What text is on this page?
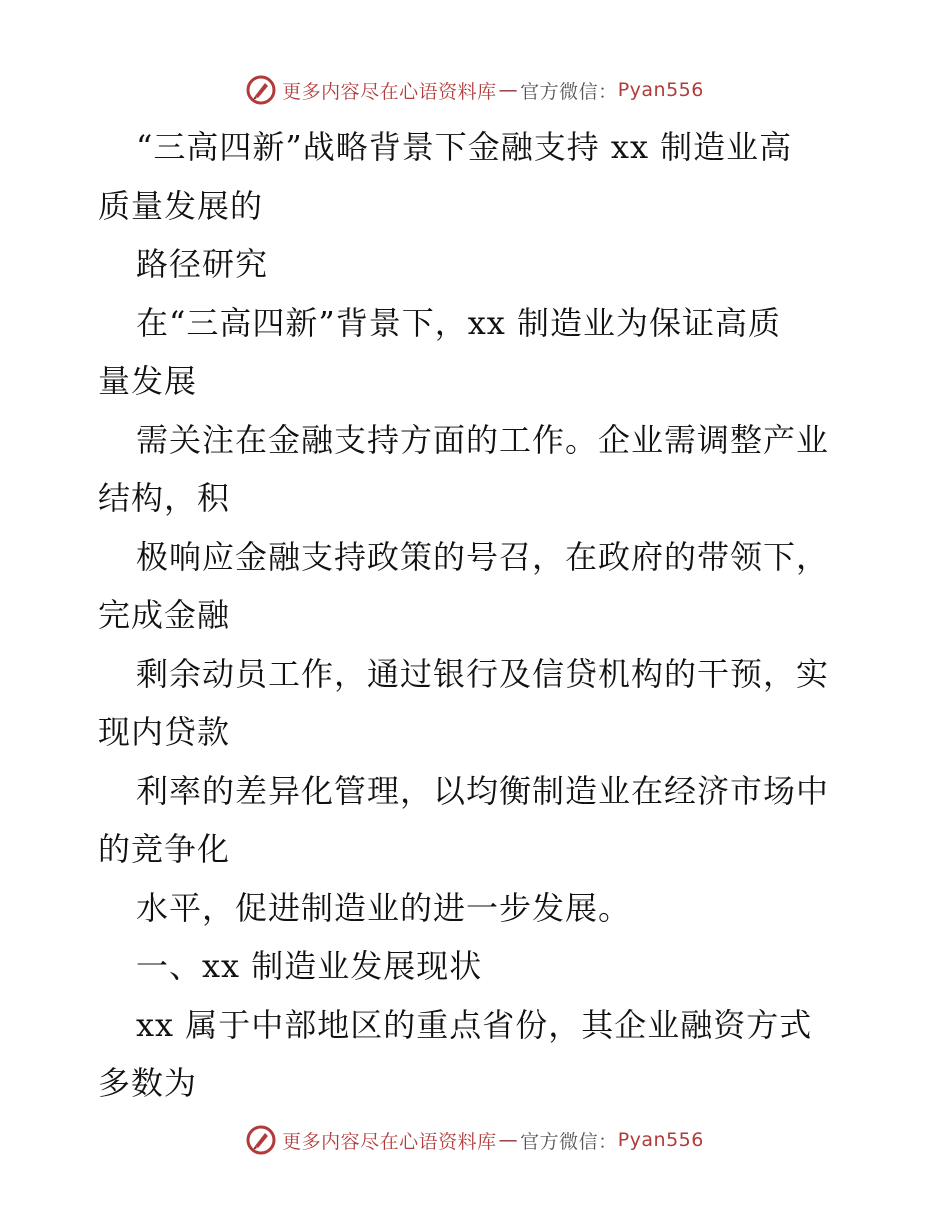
更多内容尽在心语资料库 — 官方微信： Pyan556
“三高四新”战略背景下金融支持 xx 制造业高
质量发展的
路径研究
在“三高四新”背景下，xx 制造业为保证高质
量发展
需关注在金融支持方面的工作。企业需调整产业
结构，积
极响应金融支持政策的号召，在政府的带领下，
完成金融
剩余动员工作，通过银行及信贷机构的干预，实
现内贷款
利率的差异化管理，以均衡制造业在经济市场中
的竞争化
水平，促进制造业的进一步发展。
一、xx 制造业发展现状
xx 属于中部地区的重点省份，其企业融资方式
多数为
更多内容尽在心语资料库 — 官方微信： Pyan556
